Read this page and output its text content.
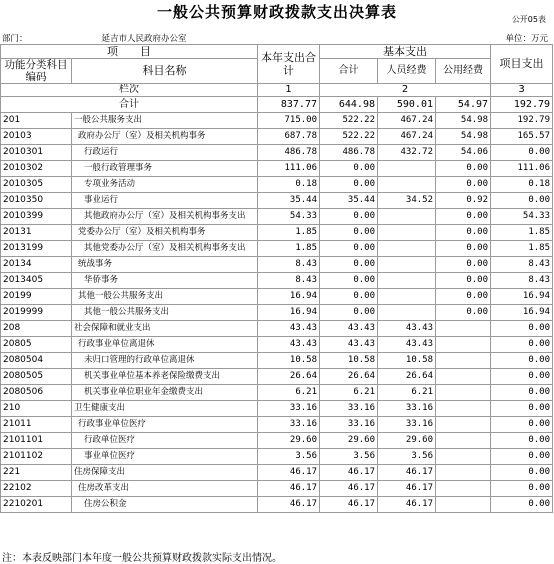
一般公共预算财政拨款支出决算表	公开05表
部门：	延吉市人民政府办公室	单位：万元
项　　目		本年支出合计	基本支出			项目支出
功能分类科目编码	科目名称					
			合计	人员经费	公用经费	
栏次		1	2			3
合计		837.77	644.98	590.01	54.97	192.79
201	一般公共服务支出	715.00	522.22	467.24	54.98	192.79
20103	政府办公厅（室）及相关机构事务	687.78	522.22	467.24	54.98	165.57
2010301	行政运行	486.78	486.78	432.72	54.06	0.00
2010302	一般行政管理事务	111.06	0.00		0.00	111.06
2010305	专项业务活动	0.18	0.00		0.00	0.18
2010350	事业运行	35.44	35.44	34.52	0.92	0.00
2010399	其他政府办公厅（室）及相关机构事务支出	54.33	0.00		0.00	54.33
20131	党委办公厅（室）及相关机构事务	1.85	0.00		0.00	1.85
2013199	其他党委办公厅（室）及相关机构事务支出	1.85	0.00		0.00	1.85
20134	统战事务	8.43	0.00		0.00	8.43
2013405	华侨事务	8.43	0.00		0.00	8.43
20199	其他一般公共服务支出	16.94	0.00		0.00	16.94
2019999	其他一般公共服务支出	16.94	0.00		0.00	16.94
208	社会保障和就业支出	43.43	43.43	43.43		0.00
20805	行政事业单位离退休	43.43	43.43	43.43		0.00
2080504	未归口管理的行政单位离退休	10.58	10.58	10.58		0.00
2080505	机关事业单位基本养老保险缴费支出	26.64	26.64	26.64		0.00
2080506	机关事业单位职业年金缴费支出	6.21	6.21	6.21		0.00
210	卫生健康支出	33.16	33.16	33.16		0.00
21011	行政事业单位医疗	33.16	33.16	33.16		0.00
2101101	行政单位医疗	29.60	29.60	29.60		0.00
2101102	事业单位医疗	3.56	3.56	3.56		0.00
221	住房保障支出	46.17	46.17	46.17		0.00
22102	住房改革支出	46.17	46.17	46.17		0.00
2210201	住房公积金	46.17	46.17	46.17		0.00
注：本表反映部门本年度一般公共预算财政拨款实际支出情况。
